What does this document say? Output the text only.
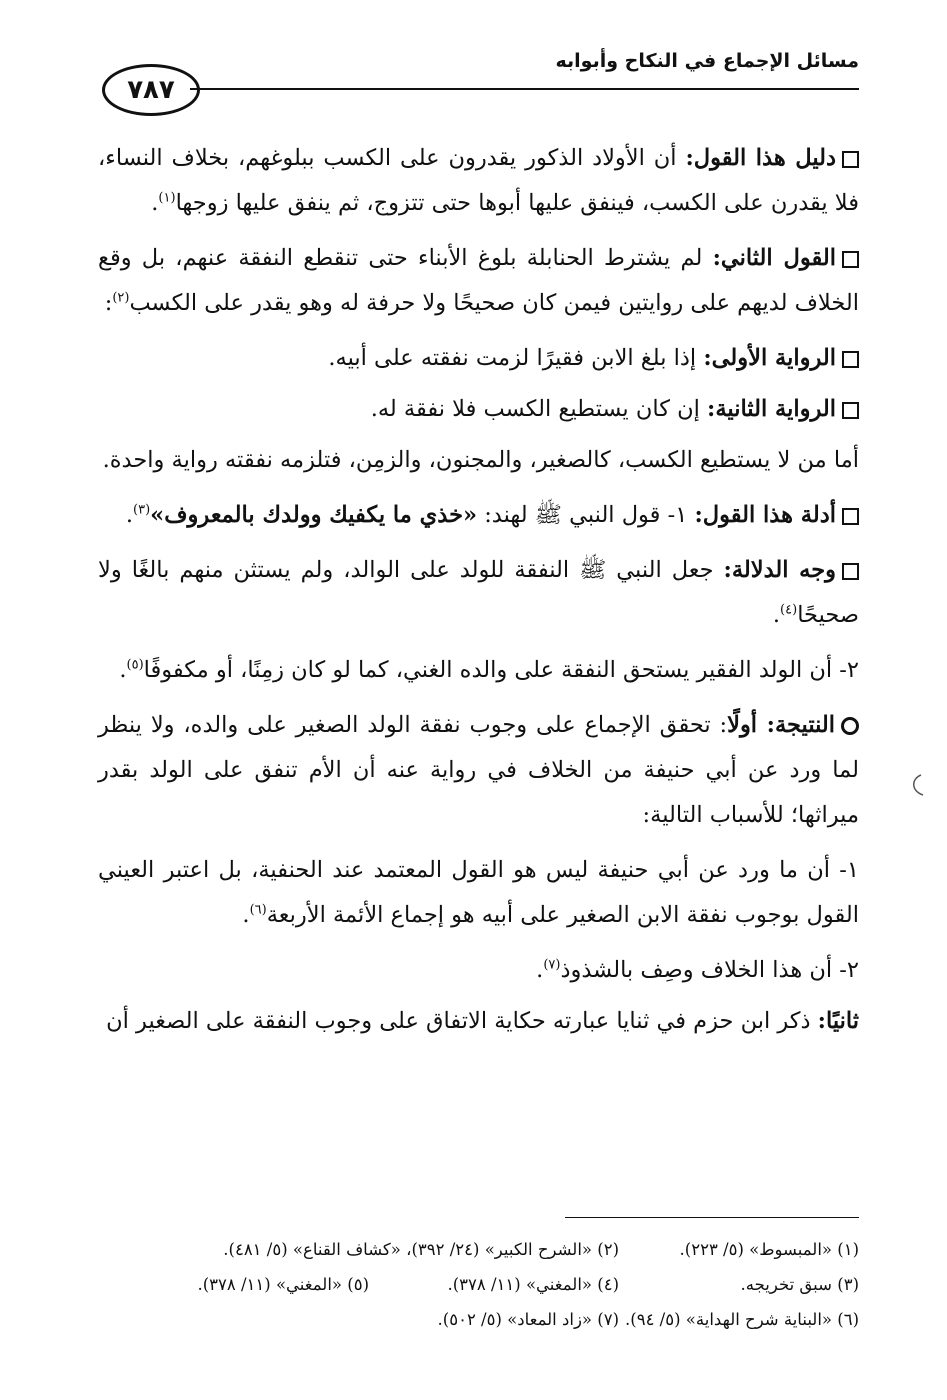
مسائل الإجماع في النكاح وأبوابه
٧٨٧

دليل هذا القول: أن الأولاد الذكور يقدرون على الكسب ببلوغهم، بخلاف النساء، فلا يقدرن على الكسب، فينفق عليها أبوها حتى تتزوج، ثم ينفق عليها زوجها$^{(١)}$.

القول الثاني: لم يشترط الحنابلة بلوغ الأبناء حتى تنقطع النفقة عنهم، بل وقع الخلاف لديهم على روايتين فيمن كان صحيحًا ولا حرفة له وهو يقدر على الكسب$^{(٢)}$:

الرواية الأولى: إذا بلغ الابن فقيرًا لزمت نفقته على أبيه.

الرواية الثانية: إن كان يستطيع الكسب فلا نفقة له.

أما من لا يستطيع الكسب، كالصغير، والمجنون، والزمِن، فتلزمه نفقته رواية واحدة.

أدلة هذا القول: ١- قول النبي ﷺ لهند: «خذي ما يكفيك وولدك بالمعروف»$^{(٣)}$.

وجه الدلالة: جعل النبي ﷺ النفقة للولد على الوالد، ولم يستثن منهم بالغًا ولا صحيحًا$^{(٤)}$.

٢- أن الولد الفقير يستحق النفقة على والده الغني، كما لو كان زمِنًا، أو مكفوفًا$^{(٥)}$.

النتيجة: أولًا: تحقق الإجماع على وجوب نفقة الولد الصغير على والده، ولا ينظر لما ورد عن أبي حنيفة من الخلاف في رواية عنه أن الأم تنفق على الولد بقدر ميراثها؛ للأسباب التالية:

١- أن ما ورد عن أبي حنيفة ليس هو القول المعتمد عند الحنفية، بل اعتبر العيني القول بوجوب نفقة الابن الصغير على أبيه هو إجماع الأئمة الأربعة$^{(٦)}$.

٢- أن هذا الخلاف وصِف بالشذوذ$^{(٧)}$.

ثانيًا: ذكر ابن حزم في ثنايا عبارته حكاية الاتفاق على وجوب النفقة على الصغير أن

(١) «المبسوط» (٥/ ٢٢٣).
(٢) «الشرح الكبير» (٢٤/ ٣٩٢)، «كشاف القناع» (٥/ ٤٨١).
(٣) سبق تخريجه.
(٤) «المغني» (١١/ ٣٧٨).
(٥) «المغني» (١١/ ٣٧٨).
(٦) «البناية شرح الهداية» (٥/ ٩٤).
(٧) «زاد المعاد» (٥/ ٥٠٢).
